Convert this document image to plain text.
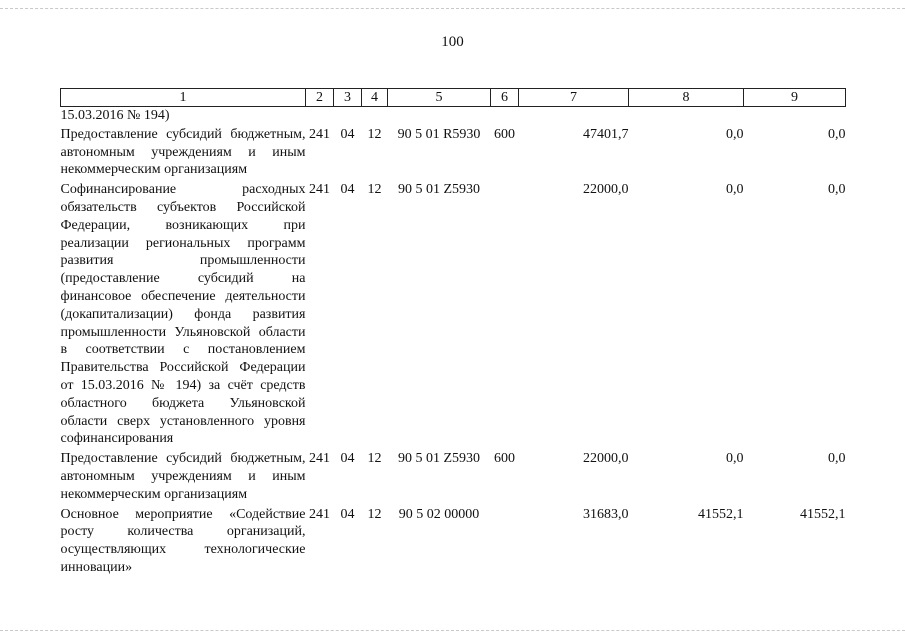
100
1	2	3	4	5	6	7	8	9
15.03.2016 № 194)								
Предоставление субсидий бюджетным, автономным учреждениям и иным некоммерческим организациям	241	04	12	90 5 01 R5930	600	47401,7	0,0	0,0
Софинансирование расходных обязательств субъектов Российской Федерации, возникающих при реализации региональных программ развития промышленности (предоставление субсидий на финансовое обеспечение деятельности (докапитализации) фонда развития промышленности Ульяновской области в соответствии с постановлением Правительства Российской Федерации от 15.03.2016 № 194) за счёт средств областного бюджета Ульяновской области сверх установленного уровня софинансирования	241	04	12	90 5 01 Z5930		22000,0	0,0	0,0
Предоставление субсидий бюджетным, автономным учреждениям и иным некоммерческим организациям	241	04	12	90 5 01 Z5930	600	22000,0	0,0	0,0
Основное мероприятие «Содействие росту количества организаций, осуществляющих технологические инновации»	241	04	12	90 5 02 00000		31683,0	41552,1	41552,1
